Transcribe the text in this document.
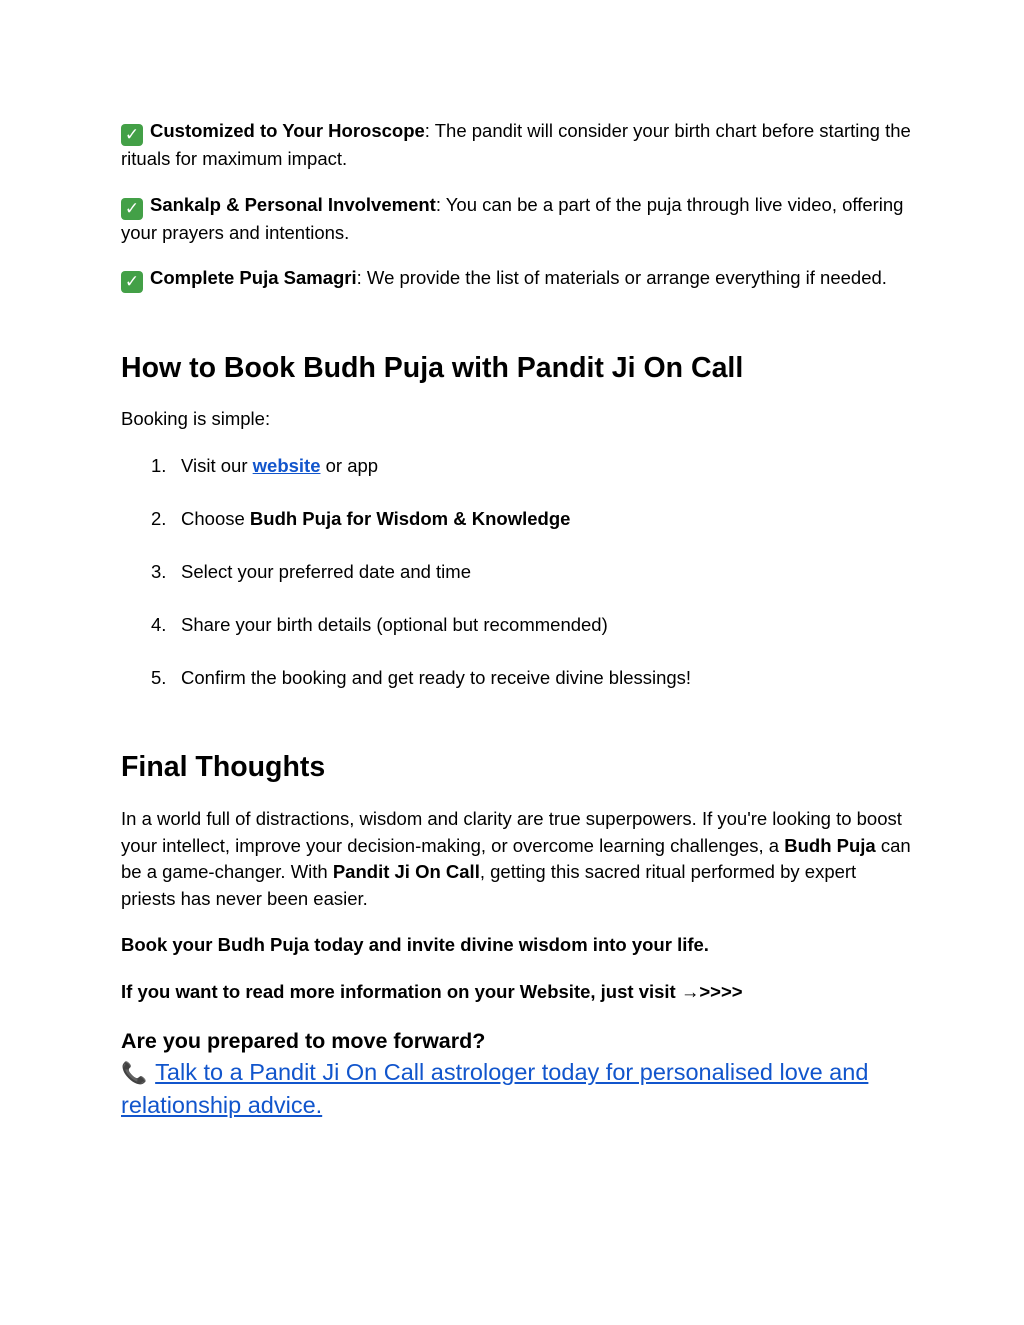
✓ Customized to Your Horoscope: The pandit will consider your birth chart before starting the rituals for maximum impact.

✓ Sankalp & Personal Involvement: You can be a part of the puja through live video, offering your prayers and intentions.

✓ Complete Puja Samagri: We provide the list of materials or arrange everything if needed.

How to Book Budh Puja with Pandit Ji On Call

Booking is simple:

1. Visit our website or app
2. Choose Budh Puja for Wisdom & Knowledge
3. Select your preferred date and time
4. Share your birth details (optional but recommended)
5. Confirm the booking and get ready to receive divine blessings!
Final Thoughts

In a world full of distractions, wisdom and clarity are true superpowers. If you're looking to boost your intellect, improve your decision-making, or overcome learning challenges, a Budh Puja can be a game-changer. With Pandit Ji On Call, getting this sacred ritual performed by expert priests has never been easier.

Book your Budh Puja today and invite divine wisdom into your life.

If you want to read more information on your Website, just visit →>>>>

Are you prepared to move forward?

📞 Talk to a Pandit Ji On Call astrologer today for personalised love and relationship advice.
